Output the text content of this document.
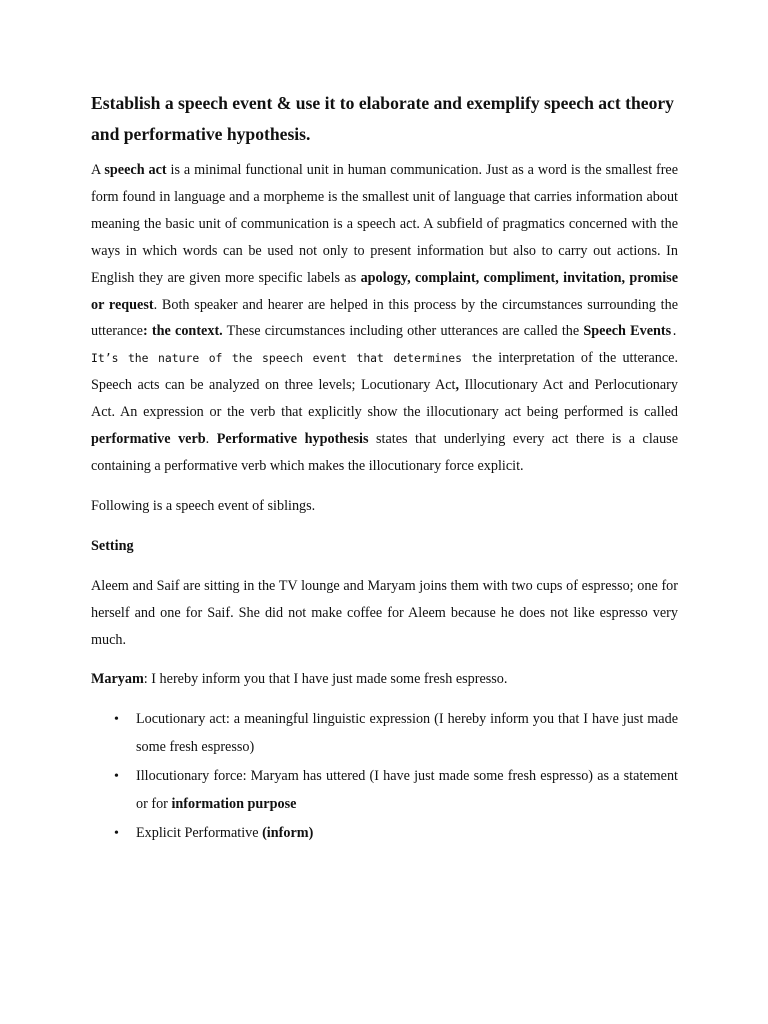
Establish a speech event & use it to elaborate and exemplify speech act theory and performative hypothesis.

A speech act is a minimal functional unit in human communication. Just as a word is the smallest free form found in language and a morpheme is the smallest unit of language that carries information about meaning the basic unit of communication is a speech act. A subfield of pragmatics concerned with the ways in which words can be used not only to present information but also to carry out actions. In English they are given more specific labels as apology, complaint, compliment, invitation, promise or request. Both speaker and hearer are helped in this process by the circumstances surrounding the utterance: the context. These circumstances including other utterances are called the Speech Events. It’s the nature of the speech event that determines the interpretation of the utterance. Speech acts can be analyzed on three levels; Locutionary Act, Illocutionary Act and Perlocutionary Act. An expression or the verb that explicitly show the illocutionary act being performed is called performative verb. Performative hypothesis states that underlying every act there is a clause containing a performative verb which makes the illocutionary force explicit.

Following is a speech event of siblings.

Setting

Aleem and Saif are sitting in the TV lounge and Maryam joins them with two cups of espresso; one for herself and one for Saif. She did not make coffee for Aleem because he does not like espresso very much.

Maryam: I hereby inform you that I have just made some fresh espresso.

• Locutionary act: a meaningful linguistic expression (I hereby inform you that I have just made some fresh espresso)
• Illocutionary force: Maryam has uttered (I have just made some fresh espresso) as a statement or for information purpose
• Explicit Performative (inform)
